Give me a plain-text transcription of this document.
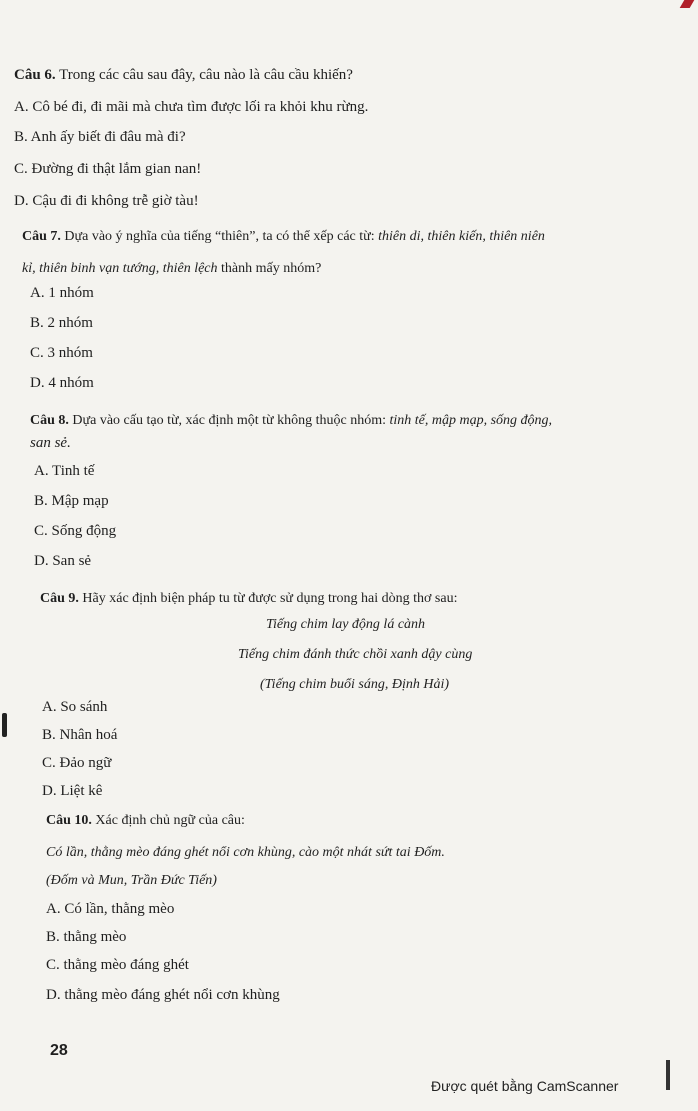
Câu 6. Trong các câu sau đây, câu nào là câu cầu khiến?
A. Cô bé đi, đi mãi mà chưa tìm được lối ra khỏi khu rừng.
B. Anh ấy biết đi đâu mà đi?
C. Đường đi thật lắm gian nan!
D. Cậu đi đi không trễ giờ tàu!
Câu 7. Dựa vào ý nghĩa của tiếng “thiên”, ta có thể xếp các từ: thiên di, thiên kiến, thiên niên
kỉ, thiên binh vạn tướng, thiên lệch thành mấy nhóm?
A. 1 nhóm
B. 2 nhóm
C. 3 nhóm
D. 4 nhóm
Câu 8. Dựa vào cấu tạo từ, xác định một từ không thuộc nhóm: tinh tế, mập mạp, sống động,
san sẻ.
A. Tinh tế
B. Mập mạp
C. Sống động
D. San sẻ
Câu 9. Hãy xác định biện pháp tu từ được sử dụng trong hai dòng thơ sau:
Tiếng chim lay động lá cành
Tiếng chim đánh thức chồi xanh dậy cùng
(Tiếng chim buổi sáng, Định Hải)
A. So sánh
B. Nhân hoá
C. Đảo ngữ
D. Liệt kê
Câu 10. Xác định chủ ngữ của câu:
Có lần, thằng mèo đáng ghét nổi cơn khùng, cào một nhát sứt tai Đốm.
(Đốm và Mun, Trần Đức Tiến)
A. Có lần, thằng mèo
B. thằng mèo
C. thằng mèo đáng ghét
D. thằng mèo đáng ghét nổi cơn khùng
28
Được quét bằng CamScanner
